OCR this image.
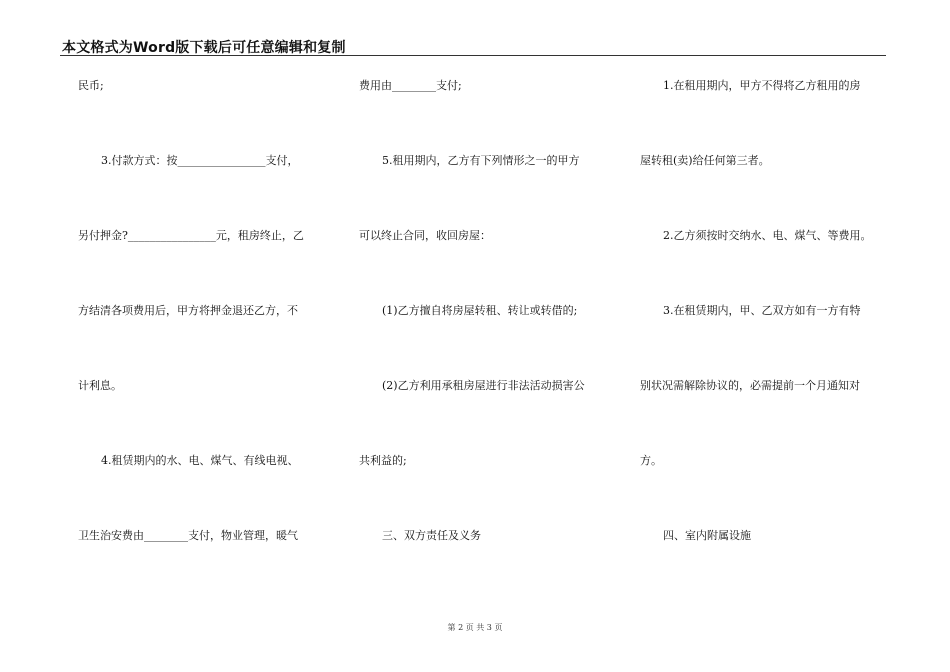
本文格式为Word版下载后可任意编辑和复制
民币;
3.付款方式：按________________支付，
另付押金?________________元，租房终止，乙
方结清各项费用后，甲方将押金退还乙方，不
计利息。
4.租赁期内的水、电、煤气、有线电视、
卫生治安费由________支付，物业管理，暖气
费用由________支付;
5.租用期内，乙方有下列情形之一的甲方
可以终止合同，收回房屋：
(1)乙方擅自将房屋转租、转让或转借的;
(2)乙方利用承租房屋进行非法活动损害公
共利益的;
三、双方责任及义务
1.在租用期内，甲方不得将乙方租用的房
屋转租(卖)给任何第三者。
2.乙方须按时交纳水、电、煤气、等费用。
3.在租赁期内，甲、乙双方如有一方有特
别状况需解除协议的，必需提前一个月通知对
方。
四、室内附属设施
第 2 页 共 3 页
